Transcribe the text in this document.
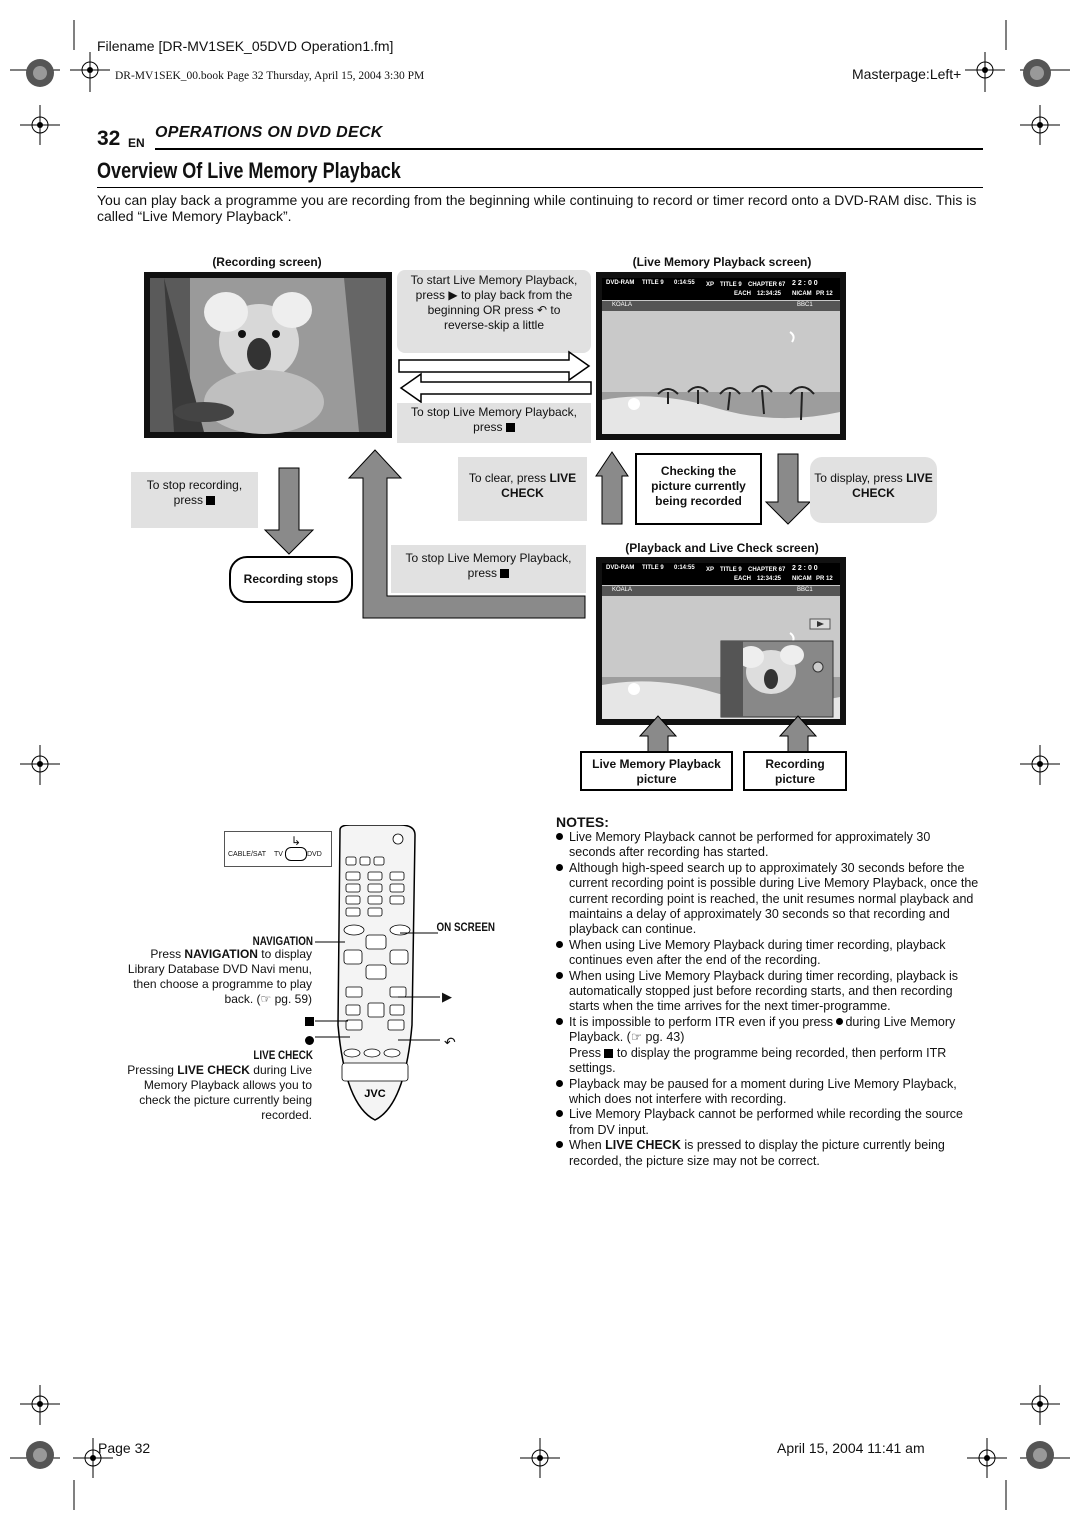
Filename [DR-MV1SEK_05DVD Operation1.fm]
DR-MV1SEK_00.book Page 32 Thursday, April 15, 2004 3:30 PM	Masterpage:Left+
32 EN
OPERATIONS ON DVD DECK
Overview Of Live Memory Playback
You can play back a programme you are recording from the beginning while continuing to record or timer record onto a DVD-RAM disc. This is called “Live Memory Playback”.
(Recording screen)	(Live Memory Playback screen)
DVD-RAM TITLE 9 0:14:55 XP TITLE 9 CHAPTER 67
EACH 12:34:25
2 2 : 0 0
NICAM PR 12
KOALA	BBC1
To start Live Memory Playback,
press ▶ to play back from the
beginning OR press ↶ to
reverse-skip a little
To stop Live Memory Playback,
press
To stop recording,
press
Recording stops
To clear, press LIVE
CHECK
Checking the
picture currently
being recorded
To display, press LIVE
CHECK
To stop Live Memory Playback,
press
(Playback and Live Check screen)
DVD-RAM TITLE 9 0:14:55 XP TITLE 9 CHAPTER 67
EACH 12:34:25
2 2 : 0 0
NICAM PR 12
KOALA	BBC1
Live Memory Playback
picture
Recording
picture
CABLE/SAT TV	DVD
↳
JVC
NAVIGATION
ON SCREEN
Press NAVIGATION to display
Library Database DVD Navi menu,
then choose a programme to play
back. (☞ pg. 59)	▶
↶
LIVE CHECK
Pressing LIVE CHECK during Live
Memory Playback allows you to
check the picture currently being
recorded.
NOTES:
Live Memory Playback cannot be performed for approximately 30 seconds after recording has started.
Although high-speed search up to approximately 30 seconds before the current recording point is possible during Live Memory Playback, once the current recording point is reached, the unit resumes normal playback and maintains a delay of approximately 30 seconds so that recording and playback can continue.
When using Live Memory Playback during timer recording, playback continues even after the end of the recording.
When using Live Memory Playback during timer recording, playback is automatically stopped just before recording starts, and then recording starts when the time arrives for the next timer-programme.
It is impossible to perform ITR even if you press during Live Memory Playback. (☞ pg. 43)
Press to display the programme being recorded, then perform ITR settings.
Playback may be paused for a moment during Live Memory Playback, which does not interfere with recording.
Live Memory Playback cannot be performed while recording the source from DV input.
When LIVE CHECK is pressed to display the picture currently being recorded, the picture size may not be correct.
Page 32	April 15, 2004 11:41 am
